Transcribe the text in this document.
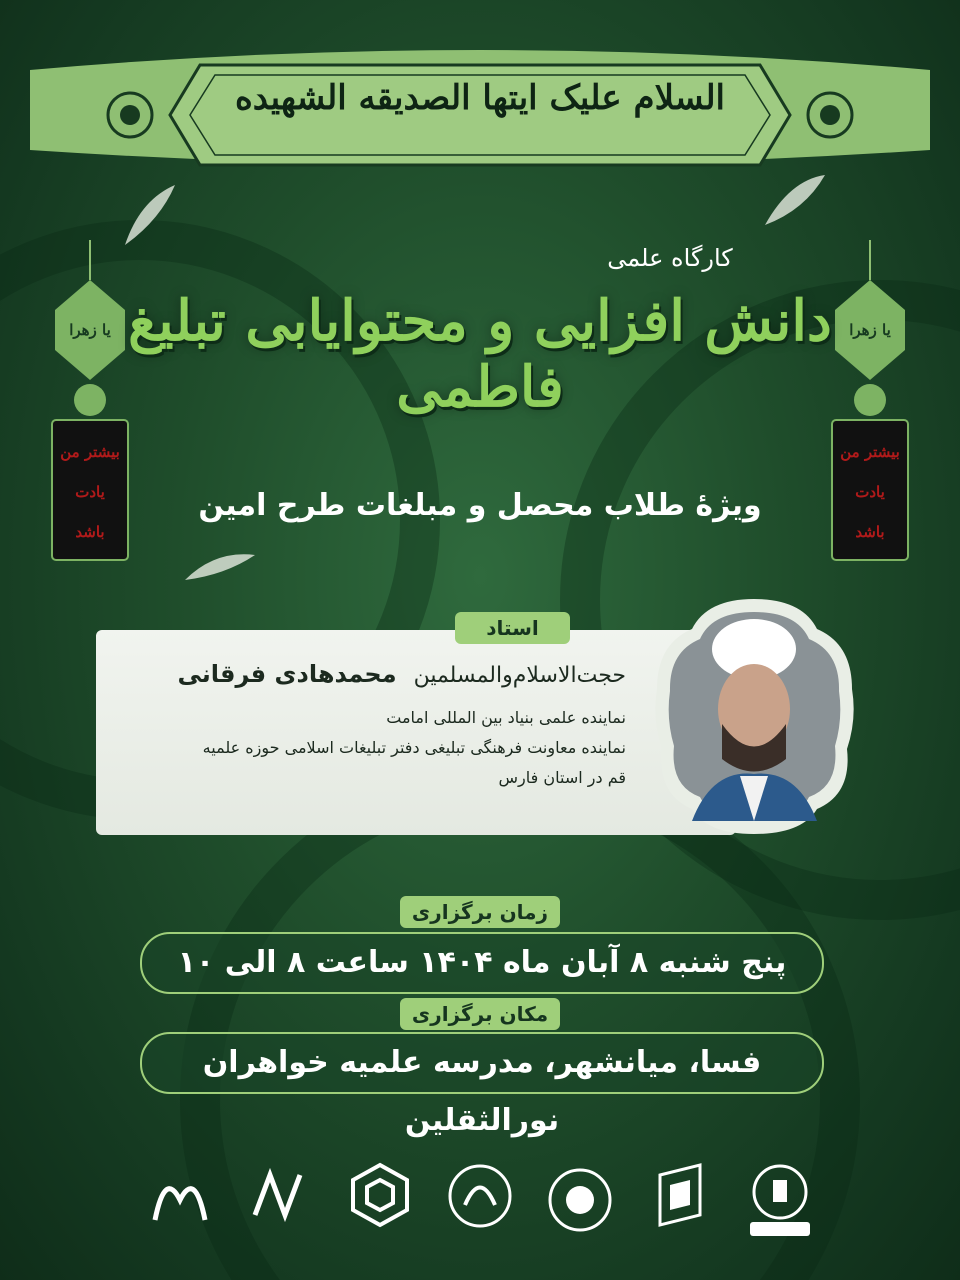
السلام علیک ایتها الصدیقه الشهیده
یا زهرا
بیشتر من
یادت
باشد
یا زهرا
بیشتر من
یادت
باشد
کارگاه علمی
دانش افزایی و محتوایابی تبلیغ فاطمی
ویژۀ طلاب محصل و مبلغات طرح امین
حجت‌الاسلام‌والمسلمین محمدهادی فرقانی
نماینده علمی بنیاد بین المللی امامت
نماینده معاونت فرهنگی تبلیغی دفتر تبلیغات اسلامی حوزه علمیه
قم در استان فارس
استاد
زمان برگزاری
پنج شنبه ۸ آبان ماه ۱۴۰۴ ساعت ۸ الی ۱۰
مکان برگزاری
فسا، میانشهر، مدرسه علمیه خواهران نورالثقلین
